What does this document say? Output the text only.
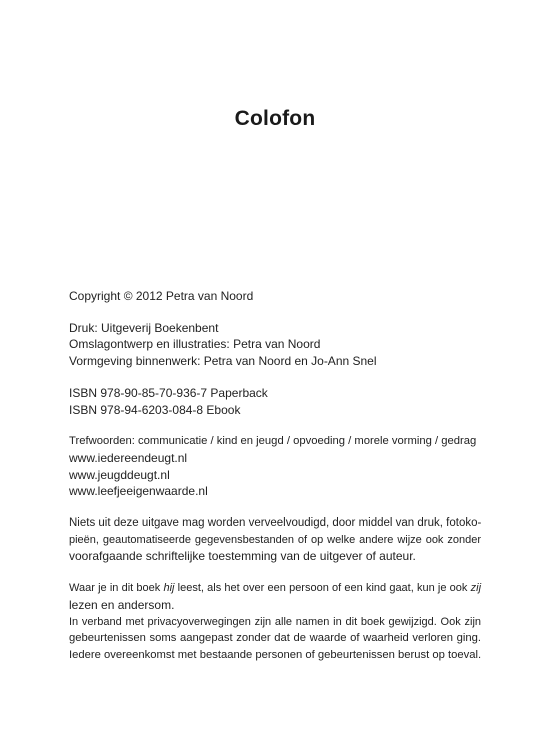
Colofon
Copyright © 2012 Petra van Noord
Druk: Uitgeverij Boekenbent
Omslagontwerp en illustraties: Petra van Noord
Vormgeving binnenwerk: Petra van Noord en Jo-Ann Snel
ISBN 978-90-85-70-936-7 Paperback
ISBN 978-94-6203-084-8 Ebook
Trefwoorden: communicatie / kind en jeugd / opvoeding / morele vorming / gedrag
www.iedereendeugt.nl
www.jeugddeugt.nl
www.leefjeeigenwaarde.nl
Niets uit deze uitgave mag worden verveelvoudigd, door middel van druk, fotoko-
pieën, geautomatiseerde gegevensbestanden of op welke andere wijze ook zonder
voorafgaande schriftelijke toestemming van de uitgever of auteur.
Waar je in dit boek hij leest, als het over een persoon of een kind gaat, kun je ook zij
lezen en andersom.
In verband met privacyoverwegingen zijn alle namen in dit boek gewijzigd. Ook zijn
gebeurtenissen soms aangepast zonder dat de waarde of waarheid verloren ging.
Iedere overeenkomst met bestaande personen of gebeurtenissen berust op toeval.
